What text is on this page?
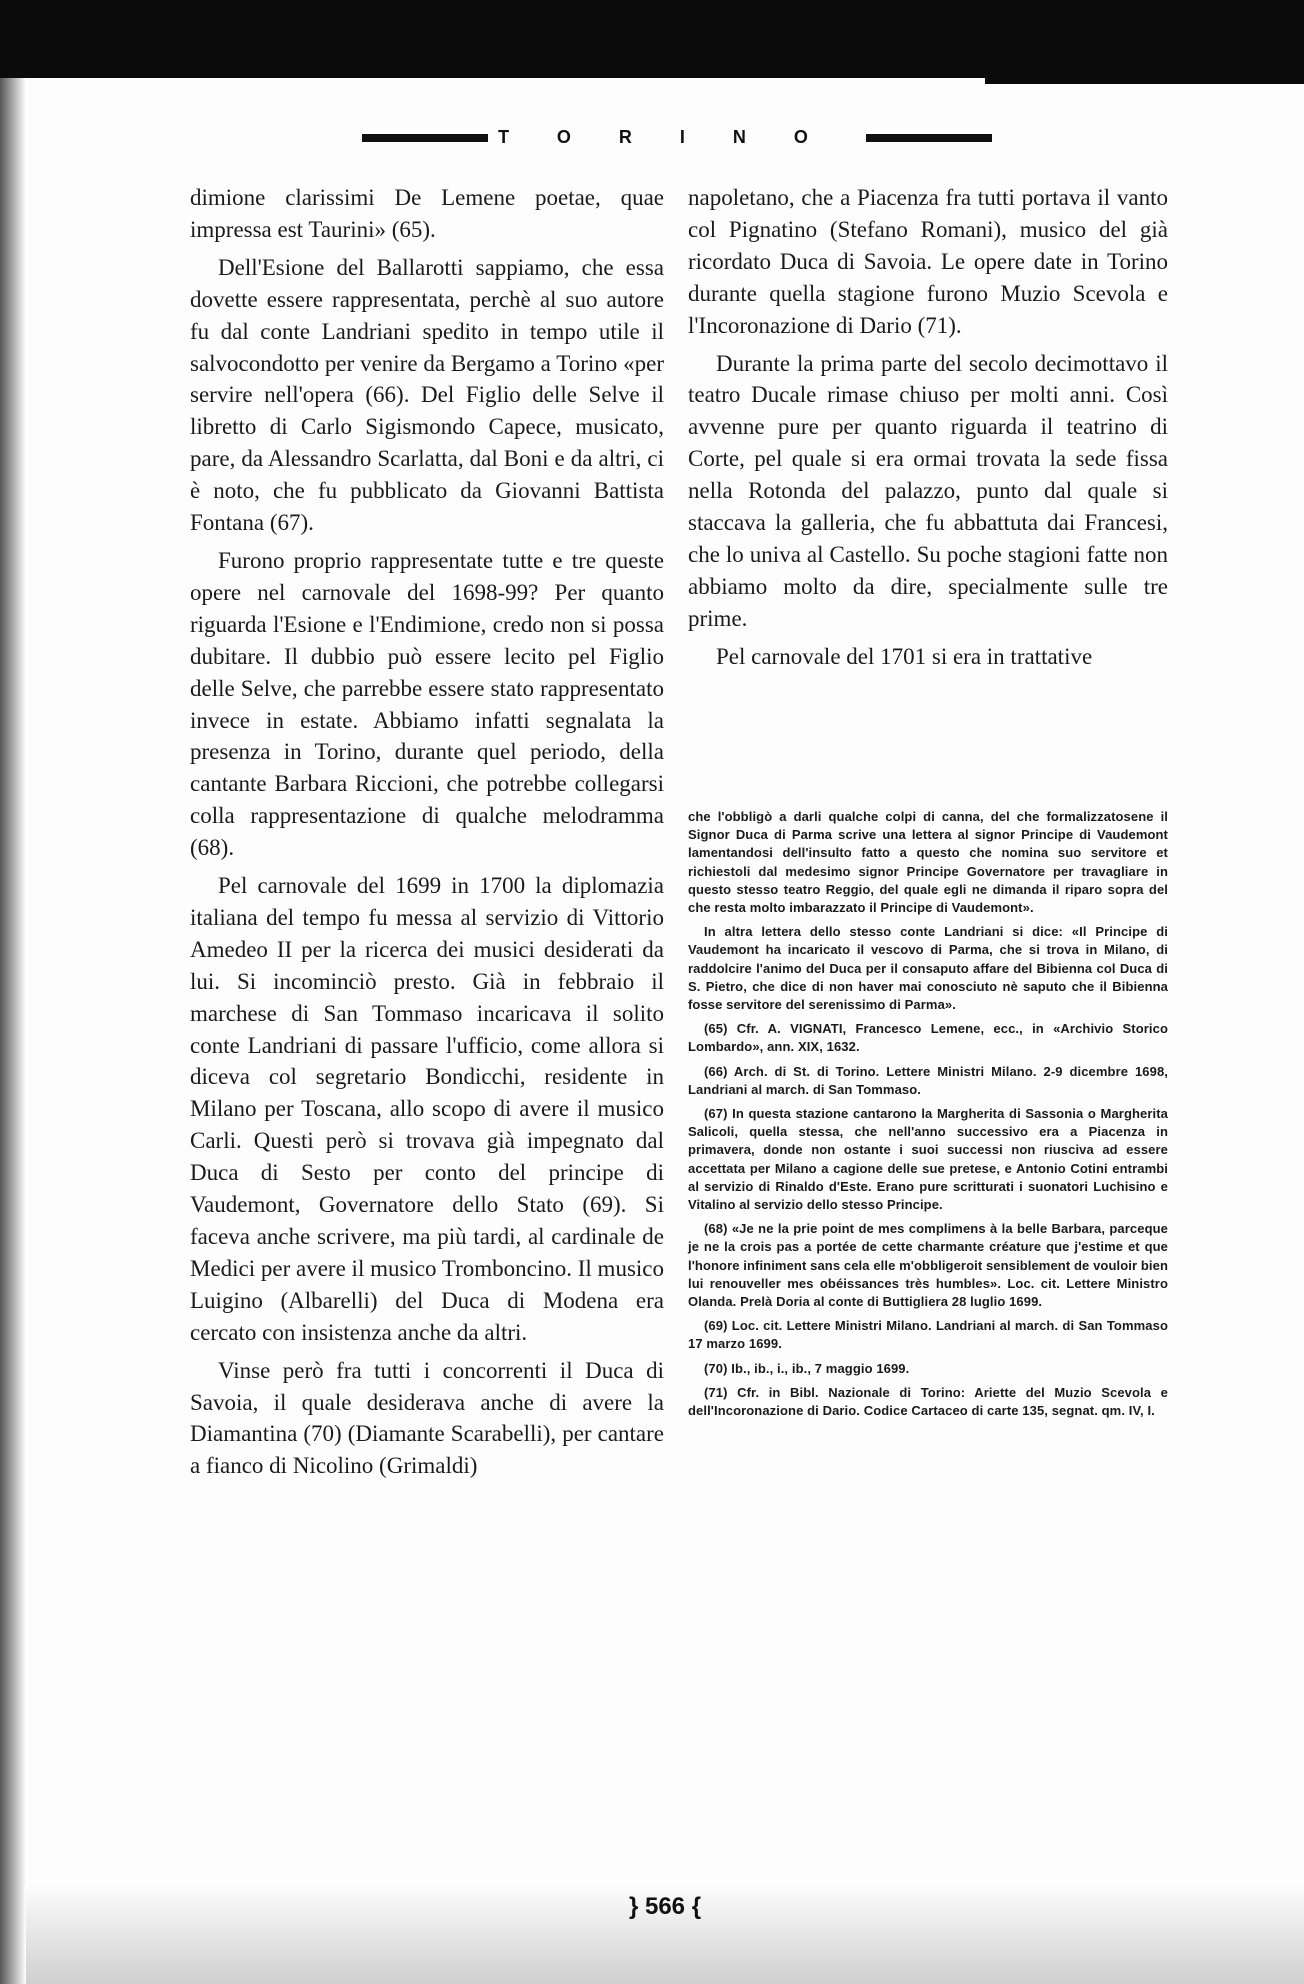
TORINO

dimione clarissimi De Lemene poetae, quae impressa est Taurini» (65).

Dell'Esione del Ballarotti sappiamo, che essa dovette essere rappresentata, perchè al suo autore fu dal conte Landriani spedito in tempo utile il salvocondotto per venire da Bergamo a Torino «per servire nell'opera (66). Del Figlio delle Selve il libretto di Carlo Sigismondo Capece, musicato, pare, da Alessandro Scarlatta, dal Boni e da altri, ci è noto, che fu pubblicato da Giovanni Battista Fontana (67).

Furono proprio rappresentate tutte e tre queste opere nel carnovale del 1698-99? Per quanto riguarda l'Esione e l'Endimione, credo non si possa dubitare. Il dubbio può essere lecito pel Figlio delle Selve, che parrebbe essere stato rappresentato invece in estate. Abbiamo infatti segnalata la presenza in Torino, durante quel periodo, della cantante Barbara Riccioni, che potrebbe collegarsi colla rappresentazione di qualche melodramma (68).

Pel carnovale del 1699 in 1700 la diplomazia italiana del tempo fu messa al servizio di Vittorio Amedeo II per la ricerca dei musici desiderati da lui. Si incominciò presto. Già in febbraio il marchese di San Tommaso incaricava il solito conte Landriani di passare l'ufficio, come allora si diceva col segretario Bondicchi, residente in Milano per Toscana, allo scopo di avere il musico Carli. Questi però si trovava già impegnato dal Duca di Sesto per conto del principe di Vaudemont, Governatore dello Stato (69). Si faceva anche scrivere, ma più tardi, al cardinale de Medici per avere il musico Tromboncino. Il musico Luigino (Albarelli) del Duca di Modena era cercato con insistenza anche da altri.

Vinse però fra tutti i concorrenti il Duca di Savoia, il quale desiderava anche di avere la Diamantina (70) (Diamante Scarabelli), per cantare a fianco di Nicolino (Grimaldi)

napoletano, che a Piacenza fra tutti portava il vanto col Pignatino (Stefano Romani), musico del già ricordato Duca di Savoia. Le opere date in Torino durante quella stagione furono Muzio Scevola e l'Incoronazione di Dario (71).

Durante la prima parte del secolo decimottavo il teatro Ducale rimase chiuso per molti anni. Così avvenne pure per quanto riguarda il teatrino di Corte, pel quale si era ormai trovata la sede fissa nella Rotonda del palazzo, punto dal quale si staccava la galleria, che fu abbattuta dai Francesi, che lo univa al Castello. Su poche stagioni fatte non abbiamo molto da dire, specialmente sulle tre prime.

Pel carnovale del 1701 si era in trattative

che l'obbligò a darli qualche colpi di canna, del che formalizzatosene il Signor Duca di Parma scrive una lettera al signor Principe di Vaudemont lamentandosi dell'insulto fatto a questo che nomina suo servitore et richiestoli dal medesimo signor Principe Governatore per travagliare in questo stesso teatro Reggio, del quale egli ne dimanda il riparo sopra del che resta molto imbarazzato il Principe di Vaudemont».

In altra lettera dello stesso conte Landriani si dice: «Il Principe di Vaudemont ha incaricato il vescovo di Parma, che si trova in Milano, di raddolcire l'animo del Duca per il consaputo affare del Bibienna col Duca di S. Pietro, che dice di non haver mai conosciuto nè saputo che il Bibienna fosse servitore del serenissimo di Parma».

(65) Cfr. A. VIGNATI, Francesco Lemene, ecc., in «Archivio Storico Lombardo», ann. XIX, 1632.

(66) Arch. di St. di Torino. Lettere Ministri Milano. 2-9 dicembre 1698, Landriani al march. di San Tommaso.

(67) In questa stazione cantarono la Margherita di Sassonia o Margherita Salicoli, quella stessa, che nell'anno successivo era a Piacenza in primavera, donde non ostante i suoi successi non riusciva ad essere accettata per Milano a cagione delle sue pretese, e Antonio Cotini entrambi al servizio di Rinaldo d'Este. Erano pure scritturati i suonatori Luchisino e Vitalino al servizio dello stesso Principe.

(68) «Je ne la prie point de mes complimens à la belle Barbara, parceque je ne la crois pas a portée de cette charmante créature que j'estime et que l'honore infiniment sans cela elle m'obbligeroit sensiblement de vouloir bien lui renouveller mes obéissances très humbles». Loc. cit. Lettere Ministro Olanda. Prelà Doria al conte di Buttigliera 28 luglio 1699.

(69) Loc. cit. Lettere Ministri Milano. Landriani al march. di San Tommaso 17 marzo 1699.

(70) Ib., ib., i., ib., 7 maggio 1699.

(71) Cfr. in Bibl. Nazionale di Torino: Ariette del Muzio Scevola e dell'Incoronazione di Dario. Codice Cartaceo di carte 135, segnat. qm. IV, I.

} 566 {
